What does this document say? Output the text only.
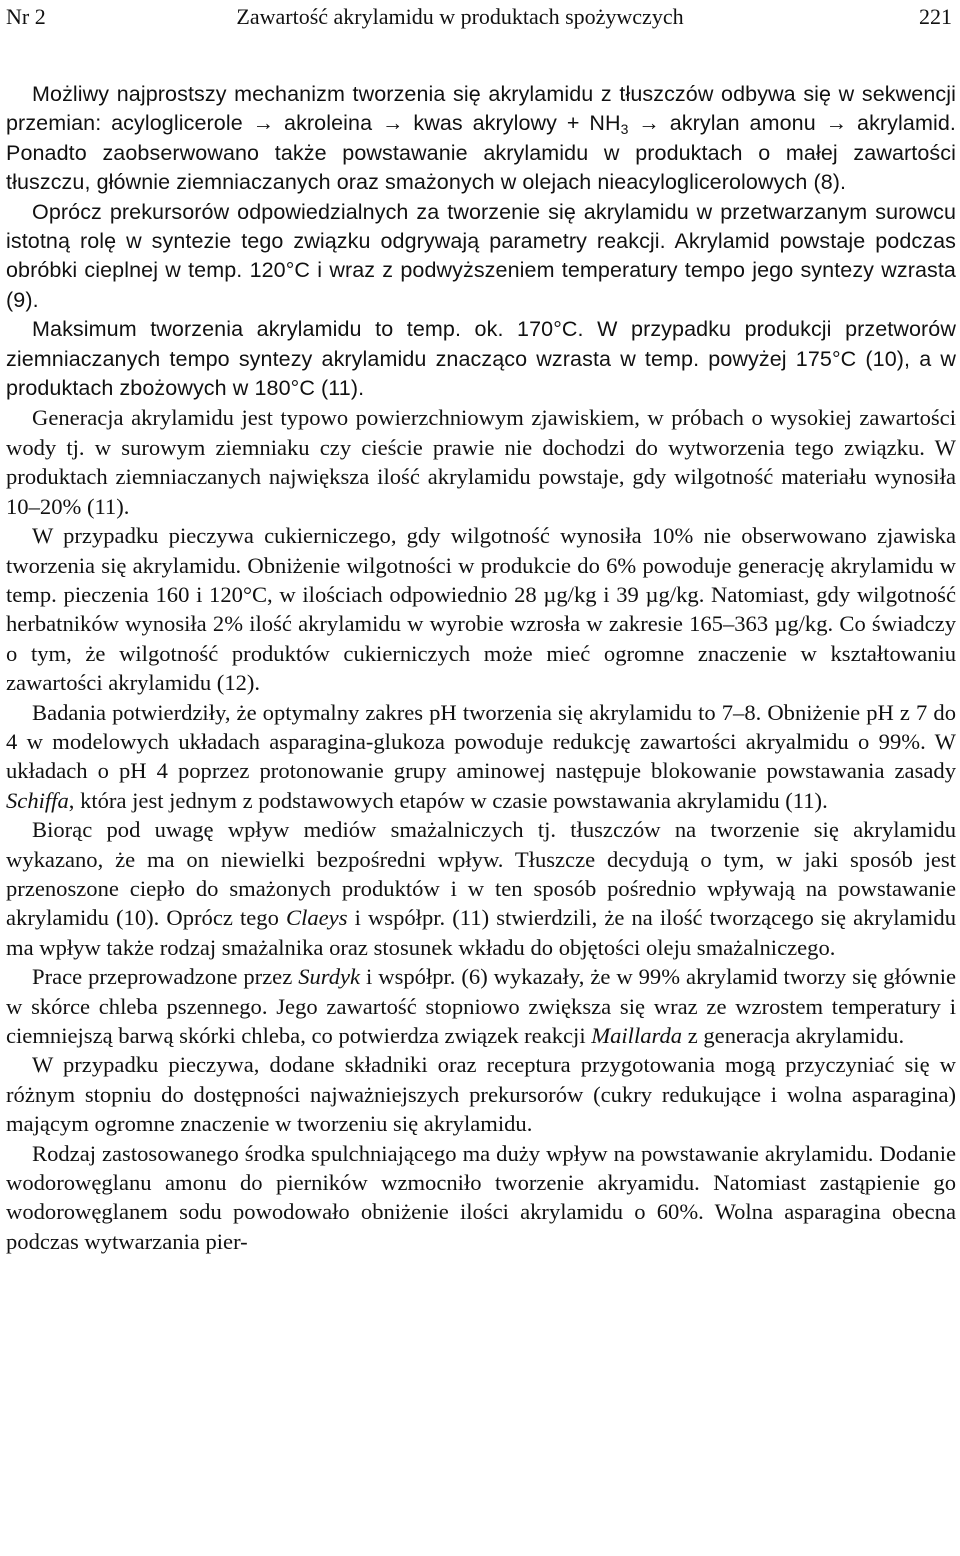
Nr 2	Zawartość akrylamidu w produktach spożywczych	221

Możliwy najprostszy mechanizm tworzenia się akrylamidu z tłuszczów odbywa się w sekwencji przemian: acyloglicerole → akroleina → kwas akrylowy + $NH_3$ → akrylan amonu → akrylamid. Ponadto zaobserwowano także powstawanie akrylamidu w produktach o małej zawartości tłuszczu, głównie ziemniaczanych oraz smażonych w olejach nieacyloglicerolowych (8).

Oprócz prekursorów odpowiedzialnych za tworzenie się akrylamidu w przetwarzanym surowcu istotną rolę w syntezie tego związku odgrywają parametry reakcji. Akrylamid powstaje podczas obróbki cieplnej w temp. 120°C i wraz z podwyższeniem temperatury tempo jego syntezy wzrasta (9).

Maksimum tworzenia akrylamidu to temp. ok. 170°C. W przypadku produkcji przetworów ziemniaczanych tempo syntezy akrylamidu znacząco wzrasta w temp. powyżej 175°C (10), a w produktach zbożowych w 180°C (11).

Generacja akrylamidu jest typowo powierzchniowym zjawiskiem, w próbach o wysokiej zawartości wody tj. w surowym ziemniaku czy cieście prawie nie dochodzi do wytworzenia tego związku. W produktach ziemniaczanych największa ilość akrylamidu powstaje, gdy wilgotność materiału wynosiła 10–20% (11).

W przypadku pieczywa cukierniczego, gdy wilgotność wynosiła 10% nie obserwowano zjawiska tworzenia się akrylamidu. Obniżenie wilgotności w produkcie do 6% powoduje generację akrylamidu w temp. pieczenia 160 i 120°C, w ilościach odpowiednio 28 µg/kg i 39 µg/kg. Natomiast, gdy wilgotność herbatników wynosiła 2% ilość akrylamidu w wyrobie wzrosła w zakresie 165–363 µg/kg. Co świadczy o tym, że wilgotność produktów cukierniczych może mieć ogromne znaczenie w kształtowaniu zawartości akrylamidu (12).

Badania potwierdziły, że optymalny zakres pH tworzenia się akrylamidu to 7–8. Obniżenie pH z 7 do 4 w modelowych układach asparagina-glukoza powoduje redukcję zawartości akryalmidu o 99%. W układach o pH 4 poprzez protonowanie grupy aminowej następuje blokowanie powstawania zasady Schiffa, która jest jednym z podstawowych etapów w czasie powstawania akrylamidu (11).

Biorąc pod uwagę wpływ mediów smażalniczych tj. tłuszczów na tworzenie się akrylamidu wykazano, że ma on niewielki bezpośredni wpływ. Tłuszcze decydują o tym, w jaki sposób jest przenoszone ciepło do smażonych produktów i w ten sposób pośrednio wpływają na powstawanie akrylamidu (10). Oprócz tego Claeys i współpr. (11) stwierdzili, że na ilość tworzącego się akrylamidu ma wpływ także rodzaj smażalnika oraz stosunek wkładu do objętości oleju smażalniczego.

Prace przeprowadzone przez Surdyk i współpr. (6) wykazały, że w 99% akrylamid tworzy się głównie w skórce chleba pszennego. Jego zawartość stopniowo zwiększa się wraz ze wzrostem temperatury i ciemniejszą barwą skórki chleba, co potwierdza związek reakcji Maillarda z generacja akrylamidu.

W przypadku pieczywa, dodane składniki oraz receptura przygotowania mogą przyczyniać się w różnym stopniu do dostępności najważniejszych prekursorów (cukry redukujące i wolna asparagina) mającym ogromne znaczenie w tworzeniu się akrylamidu.

Rodzaj zastosowanego środka spulchniającego ma duży wpływ na powstawanie akrylamidu. Dodanie wodorowęglanu amonu do pierników wzmocniło tworzenie akryamidu. Natomiast zastąpienie go wodorowęglanem sodu powodowało obniżenie ilości akrylamidu o 60%. Wolna asparagina obecna podczas wytwarzania pier-
